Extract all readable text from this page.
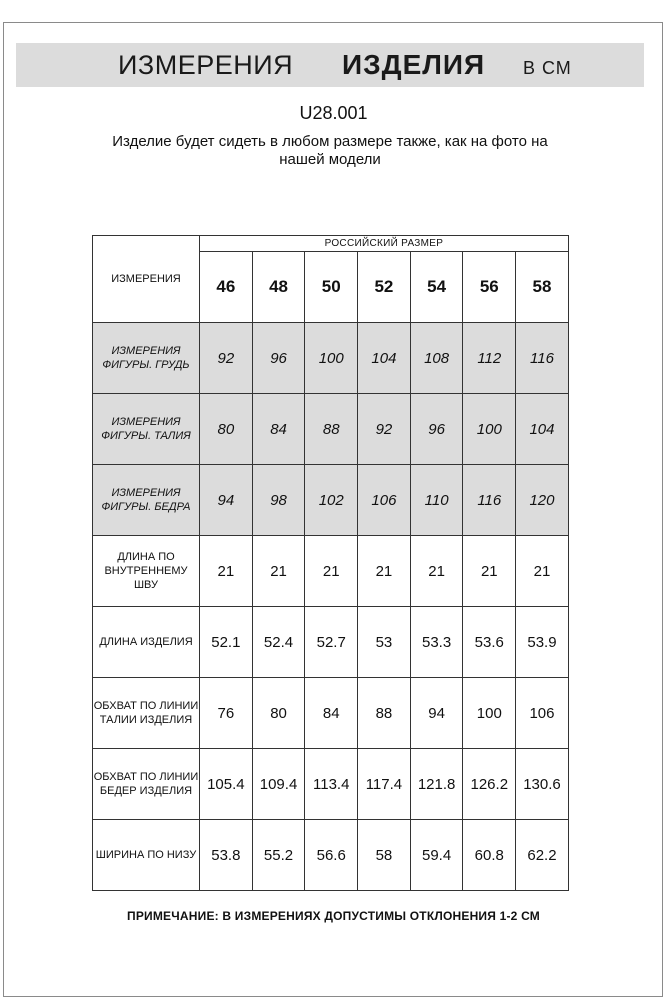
ИЗМЕРЕНИЯ ИЗДЕЛИЯ В СМ
U28.001
Изделие будет сидеть в любом размере также, как на фото на нашей модели
ИЗМЕРЕНИЯ	РОССИЙСКИЙ РАЗМЕР						
	46	48	50	52	54	56	58
ИЗМЕРЕНИЯ ФИГУРЫ. ГРУДЬ	92	96	100	104	108	112	116
ИЗМЕРЕНИЯ ФИГУРЫ. ТАЛИЯ	80	84	88	92	96	100	104
ИЗМЕРЕНИЯ ФИГУРЫ. БЕДРА	94	98	102	106	110	116	120
ДЛИНА ПО ВНУТРЕННЕМУ ШВУ	21	21	21	21	21	21	21
ДЛИНА ИЗДЕЛИЯ	52.1	52.4	52.7	53	53.3	53.6	53.9
ОБХВАТ ПО ЛИНИИ ТАЛИИ ИЗДЕЛИЯ	76	80	84	88	94	100	106
ОБХВАТ ПО ЛИНИИ БЕДЕР ИЗДЕЛИЯ	105.4	109.4	113.4	117.4	121.8	126.2	130.6
ШИРИНА ПО НИЗУ	53.8	55.2	56.6	58	59.4	60.8	62.2
ПРИМЕЧАНИЕ: В ИЗМЕРЕНИЯХ ДОПУСТИМЫ ОТКЛОНЕНИЯ 1-2 СМ
